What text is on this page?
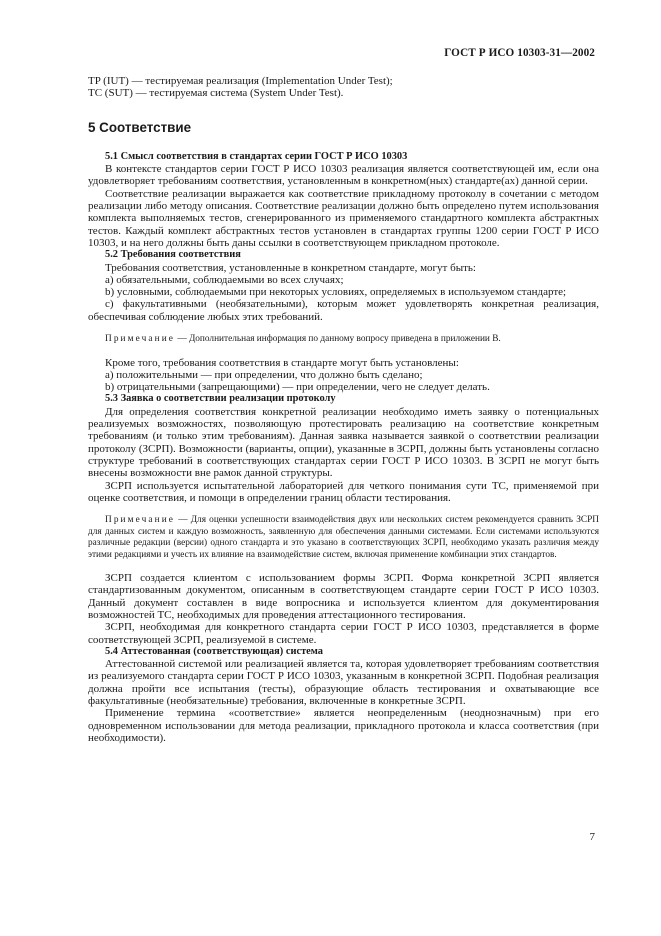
ГОСТ Р ИСО 10303-31—2002

TP (IUT) — тестируемая реализация (Implementation Under Test);

TC (SUT) — тестируемая система (System Under Test).

5 Соответствие

5.1 Смысл соответствия в стандартах серии ГОСТ Р ИСО 10303

В контексте стандартов серии ГОСТ Р ИСО 10303 реализация является соответствующей им, если она удовлетворяет требованиям соответствия, установленным в конкретном(ных) стандарте(ах) данной серии.

Соответствие реализации выражается как соответствие прикладному протоколу в сочетании с методом реализации либо методу описания. Соответствие реализации должно быть определено путем использования комплекта выполняемых тестов, сгенерированного из применяемого стандартного комплекта абстрактных тестов. Каждый комплект абстрактных тестов установлен в стандартах группы 1200 серии ГОСТ Р ИСО 10303, и на него должны быть даны ссылки в соответствующем прикладном протоколе.

5.2 Требования соответствия

Требования соответствия, установленные в конкретном стандарте, могут быть:

a) обязательными, соблюдаемыми во всех случаях;

b) условными, соблюдаемыми при некоторых условиях, определяемых в используемом стандарте;

c) факультативными (необязательными), которым может удовлетворять конкретная реализация, обеспечивая соблюдение любых этих требований.

Примечание — Дополнительная информация по данному вопросу приведена в приложении В.

Кроме того, требования соответствия в стандарте могут быть установлены:

а) положительными — при определении, что должно быть сделано;

b) отрицательными (запрещающими) — при определении, чего не следует делать.

5.3 Заявка о соответствии реализации протоколу

Для определения соответствия конкретной реализации необходимо иметь заявку о потенциальных реализуемых возможностях, позволяющую протестировать реализацию на соответствие конкретным требованиям (и только этим требованиям). Данная заявка называется заявкой о соответствии реализации протоколу (ЗСРП). Возможности (варианты, опции), указанные в ЗСРП, должны быть установлены согласно структуре требований в соответствующих стандартах серии ГОСТ Р ИСО 10303. В ЗСРП не могут быть внесены возможности вне рамок данной структуры.

ЗСРП используется испытательной лабораторией для четкого понимания сути ТС, применяемой при оценке соответствия, и помощи в определении границ области тестирования.

Примечание — Для оценки успешности взаимодействия двух или нескольких систем рекомендуется сравнить ЗСРП для данных систем и каждую возможность, заявленную для обеспечения данными системами. Если системами используются различные редакции (версии) одного стандарта и это указано в соответствующих ЗСРП, необходимо указать различия между этими редакциями и учесть их влияние на взаимодействие систем, включая применение комбинации этих стандартов.

ЗСРП создается клиентом с использованием формы ЗСРП. Форма конкретной ЗСРП является стандартизованным документом, описанным в соответствующем стандарте серии ГОСТ Р ИСО 10303. Данный документ составлен в виде вопросника и используется клиентом для документирования возможностей ТС, необходимых для проведения аттестационного тестирования.

ЗСРП, необходимая для конкретного стандарта серии ГОСТ Р ИСО 10303, представляется в форме соответствующей ЗСРП, реализуемой в системе.

5.4 Аттестованная (соответствующая) система

Аттестованной системой или реализацией является та, которая удовлетворяет требованиям соответствия из реализуемого стандарта серии ГОСТ Р ИСО 10303, указанным в конкретной ЗСРП. Подобная реализация должна пройти все испытания (тесты), образующие область тестирования и охватывающие все факультативные (необязательные) требования, включенные в конкретные ЗСРП.

Применение термина «соответствие» является неопределенным (неоднозначным) при его одновременном использовании для метода реализации, прикладного протокола и класса соответствия (при необходимости).

7
